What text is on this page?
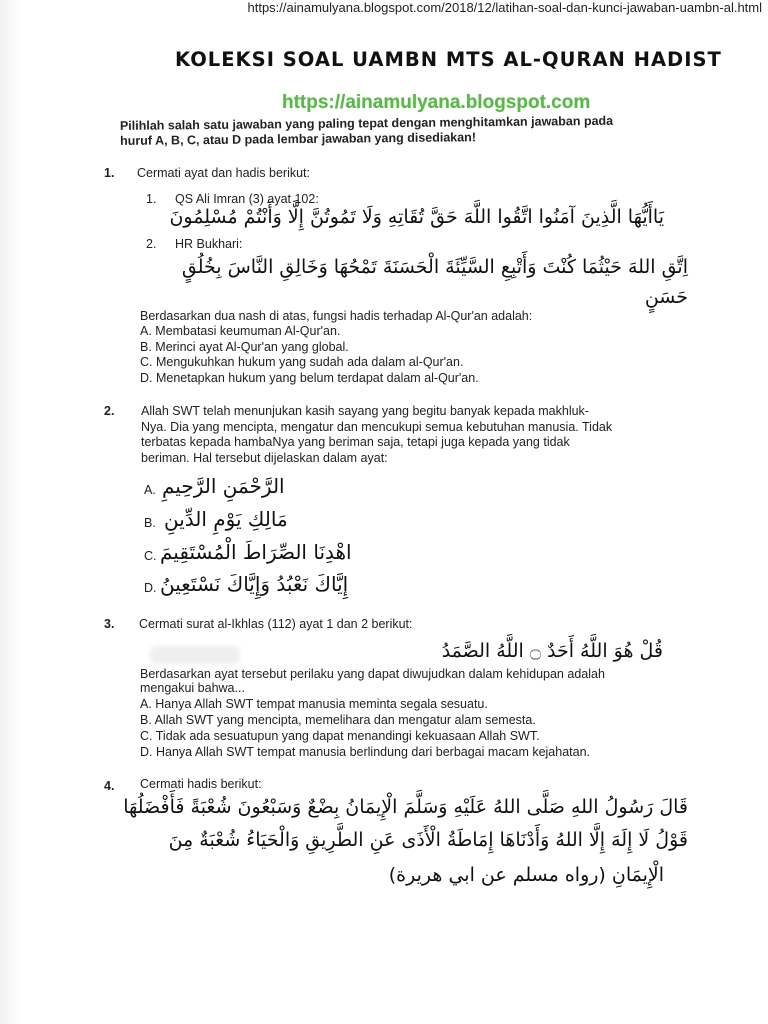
https://ainamulyana.blogspot.com/2018/12/latihan-soal-dan-kunci-jawaban-uambn-al.html
KOLEKSI SOAL UAMBN MTS AL-QURAN HADIST
https://ainamulyana.blogspot.com
Pilihlah salah satu jawaban yang paling tepat dengan menghitamkan jawaban pada
huruf A, B, C, atau D pada lembar jawaban yang disediakan!
1. Cermati ayat dan hadis berikut:
1. QS Ali Imran (3) ayat 102:
يَاأَيُّهَا الَّذِينَ آمَنُوا اتَّقُوا اللَّهَ حَقَّ تُقَاتِهِ وَلَا تَمُوتُنَّ إِلَّا وَأَنْتُمْ مُسْلِمُونَ
2. HR Bukhari:
اِتَّقِ اللهَ حَيْثُمَا كُنْتَ وَأَتْبِعِ السَّيِّئَةَ الْحَسَنَةَ تَمْحُهَا وَخَالِقِ النَّاسَ بِخُلُقٍ
حَسَنٍ
Berdasarkan dua nash di atas, fungsi hadis terhadap Al-Qur'an adalah:
A. Membatasi keumuman Al-Qur'an.
B. Merinci ayat Al-Qur'an yang global.
C. Mengukuhkan hukum yang sudah ada dalam al-Qur'an.
D. Menetapkan hukum yang belum terdapat dalam al-Qur'an.
2. Allah SWT telah menunjukan kasih sayang yang begitu banyak kepada makhluk-
Nya. Dia yang mencipta, mengatur dan mencukupi semua kebutuhan manusia. Tidak
terbatas kepada hambaNya yang beriman saja, tetapi juga kepada yang tidak
beriman. Hal tersebut dijelaskan dalam ayat:
A. الرَّحْمَنِ الرَّحِيمِ
B. مَالِكِ يَوْمِ الدِّينِ
C. اهْدِنَا الصِّرَاطَ الْمُسْتَقِيمَ
D. إِيَّاكَ نَعْبُدُ وَإِيَّاكَ نَسْتَعِينُ
3. Cermati surat al-Ikhlas (112) ayat 1 dan 2 berikut:
قُلْ هُوَ اللَّهُ أَحَدٌ ۝ اللَّهُ الصَّمَدُ
Berdasarkan ayat tersebut perilaku yang dapat diwujudkan dalam kehidupan adalah
mengakui bahwa...
A. Hanya Allah SWT tempat manusia meminta segala sesuatu.
B. Allah SWT yang mencipta, memelihara dan mengatur alam semesta.
C. Tidak ada sesuatupun yang dapat menandingi kekuasaan Allah SWT.
D. Hanya Allah SWT tempat manusia berlindung dari berbagai macam kejahatan.
4. Cermati hadis berikut:
قَالَ رَسُولُ اللهِ صَلَّى اللهُ عَلَيْهِ وَسَلَّمَ الْإِيمَانُ بِضْعٌ وَسَبْعُونَ شُعْبَةً فَأَفْضَلُهَا
قَوْلُ لَا إِلَهَ إِلَّا اللهُ وَأَدْنَاهَا إِمَاطَةُ الْأَذَى عَنِ الطَّرِيقِ وَالْحَيَاءُ شُعْبَةٌ مِنَ
الْإِيمَانِ (رواه مسلم عن ابي هريرة)
